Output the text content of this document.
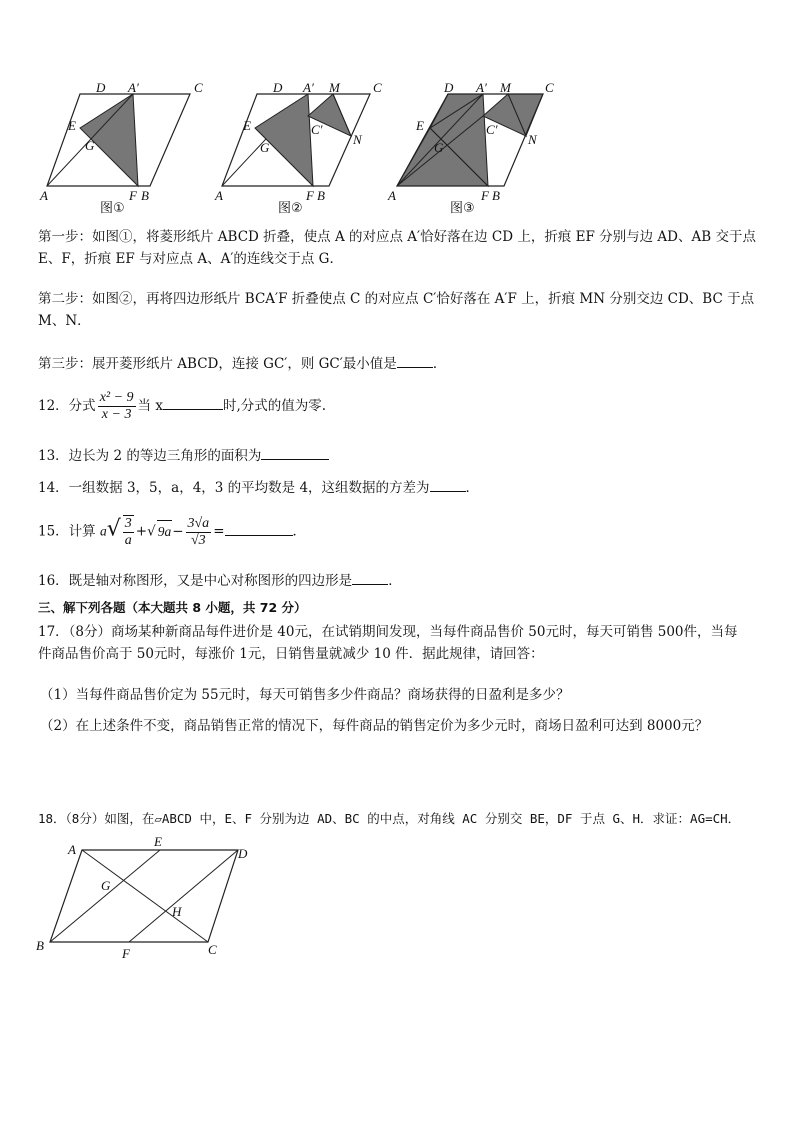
D A′	C
E
G
A	F B
D A′ M	C
E	C′
N
G
A	F B
D A′ M	C
E	C′
N
G
A	F B
图①	图②	图③
第一步：如图①，将菱形纸片 ABCD 折叠，使点 A 的对应点 A′恰好落在边 CD 上，折痕 EF 分别与边 AD、AB 交于点
E、F，折痕 EF 与对应点 A、A′的连线交于点 G．
第二步：如图②，再将四边形纸片 BCA′F 折叠使点 C 的对应点 C′恰好落在 A′F 上，折痕 MN 分别交边 CD、BC 于点
M、N．
第三步：展开菱形纸片 ABCD，连接 GC′，则 GC′最小值是	．
12．分式 $\frac{\text{x² − 9}}{x - 3}$ 当 x	时,分式的值为零.
13．边长为 2 的等边三角形的面积为
14．一组数据 3，5，a，4，3 的平均数是 4，这组数据的方差为	．
15．计算 $a√ \frac{3}{a}$ +√ $9a- \frac{3√a}{√3}$ =	．
16．既是轴对称图形，又是中心对称图形的四边形是	．
三、解下列各题（本大题共 8 小题，共 72 分）
17．（8分）商场某种新商品每件进价是 40元，在试销期间发现，当每件商品售价 50元时，每天可销售 500件，当每
件商品售价高于 50元时，每涨价 1元，日销售量就减少 10 件．据此规律，请回答：
（1）当每件商品售价定为 55元时，每天可销售多少件商品？商场获得的日盈利是多少？
（2）在上述条件不变，商品销售正常的情况下，每件商品的销售定价为多少元时，商场日盈利可达到 8000元？
18．（8分）如图，在▱ABCD 中，E、F 分别为边 AD、BC 的中点，对角线 AC 分别交 BE，DF 于点 G、H．求证：AG=CH．
A
E
D
G
H
B
F	C
